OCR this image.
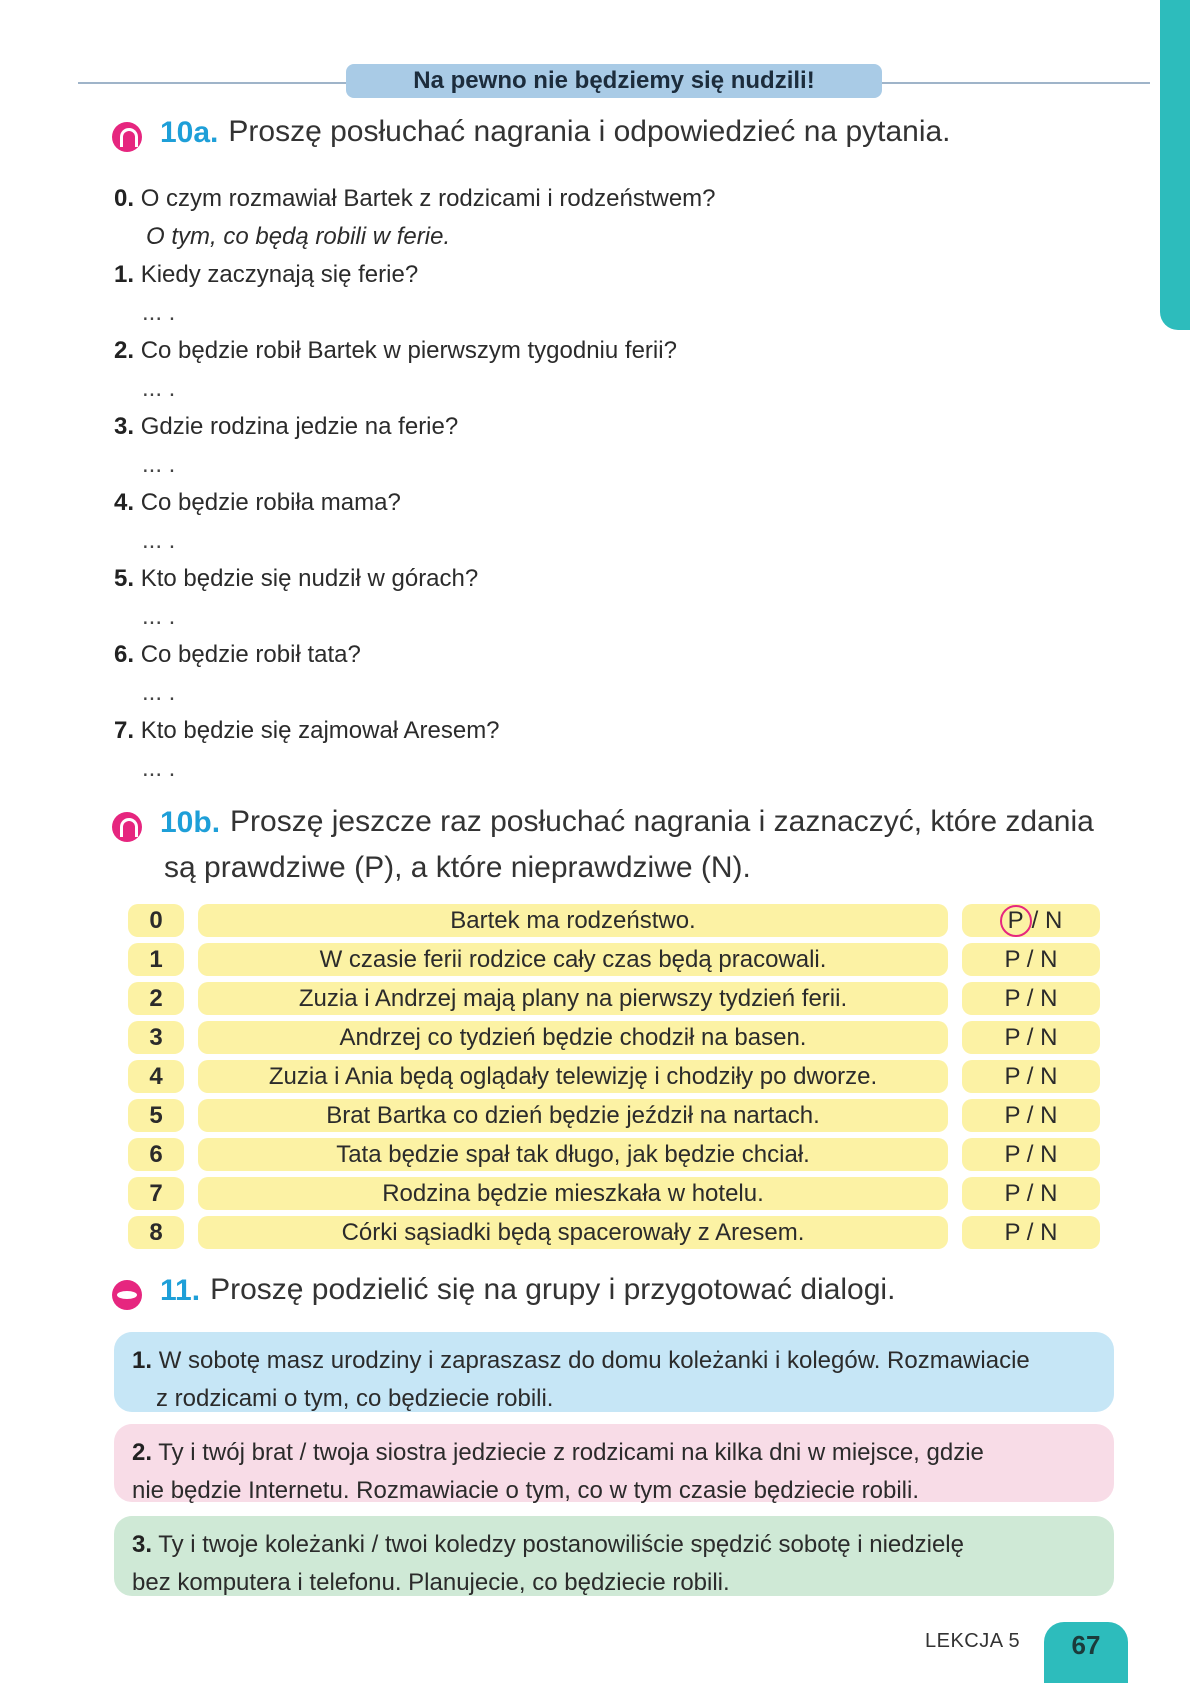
Na pewno nie będziemy się nudzili!
10a. Proszę posłuchać nagrania i odpowiedzieć na pytania.
0. O czym rozmawiał Bartek z rodzicami i rodzeństwem?
O tym, co będą robili w ferie.
1. Kiedy zaczynają się ferie?
... .
2. Co będzie robił Bartek w pierwszym tygodniu ferii?
... .
3. Gdzie rodzina jedzie na ferie?
... .
4. Co będzie robiła mama?
... .
5. Kto będzie się nudził w górach?
... .
6. Co będzie robił tata?
... .
7. Kto będzie się zajmował Aresem?
... .
10b. Proszę jeszcze raz posłuchać nagrania i zaznaczyć, które zdania
są prawdziwe (P), a które nieprawdziwe (N).
0	Bartek ma rodzeństwo.	P / N
1	W czasie ferii rodzice cały czas będą pracowali.	P / N
2	Zuzia i Andrzej mają plany na pierwszy tydzień ferii.	P / N
3	Andrzej co tydzień będzie chodził na basen.	P / N
4	Zuzia i Ania będą oglądały telewizję i chodziły po dworze.	P / N
5	Brat Bartka co dzień będzie jeździł na nartach.	P / N
6	Tata będzie spał tak długo, jak będzie chciał.	P / N
7	Rodzina będzie mieszkała w hotelu.	P / N
8	Córki sąsiadki będą spacerowały z Aresem.	P / N
11. Proszę podzielić się na grupy i przygotować dialogi.
1. W sobotę masz urodziny i zapraszasz do domu koleżanki i kolegów. Rozmawiacie
z rodzicami o tym, co będziecie robili.
2. Ty i twój brat / twoja siostra jedziecie z rodzicami na kilka dni w miejsce, gdzie
nie będzie Internetu. Rozmawiacie o tym, co w tym czasie będziecie robili.
3. Ty i twoje koleżanki / twoi koledzy postanowiliście spędzić sobotę i niedzielę
bez komputera i telefonu. Planujecie, co będziecie robili.
LEKCJA 5	67
